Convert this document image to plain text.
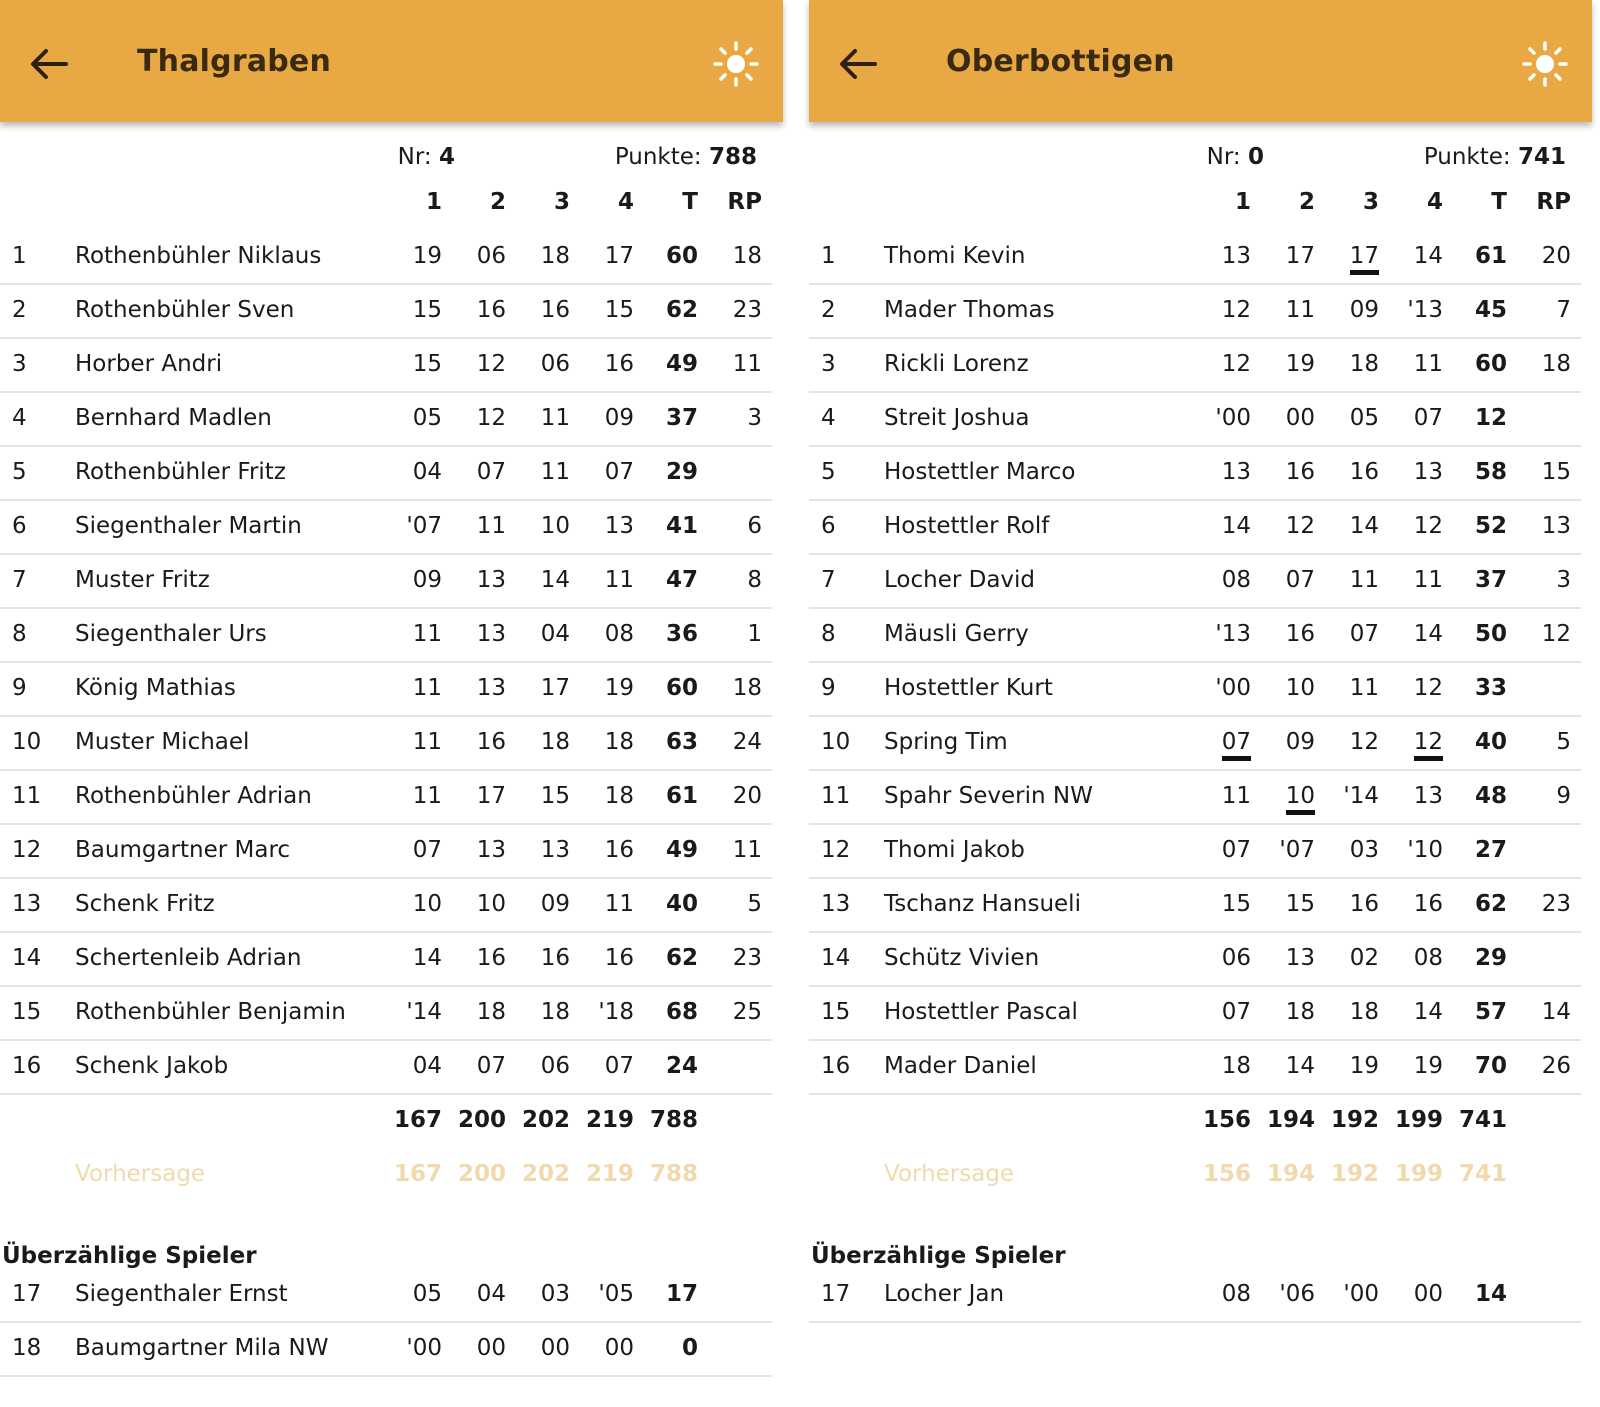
Thalgraben
Nr: 4	Punkte: 788
1 2 3 4 T RP
1 Rothenbühler Niklaus	19 06 18 17 60 18
2 Rothenbühler Sven	15 16 16 15 62 23
3 Horber Andri	15 12 06 16 49 11
4 Bernhard Madlen	05 12 11 09 37 3
5 Rothenbühler Fritz	04 07 11 07 29
6 Siegenthaler Martin	'07 11 10 13 41 6
7 Muster Fritz	09 13 14 11 47 8
8 Siegenthaler Urs	11 13 04 08 36 1
9 König Mathias	11 13 17 19 60 18
10 Muster Michael	11 16 18 18 63 24
11 Rothenbühler Adrian	11 17 15 18 61 20
12 Baumgartner Marc	07 13 13 16 49 11
13 Schenk Fritz	10 10 09 11 40 5
14 Schertenleib Adrian	14 16 16 16 62 23
15 Rothenbühler Benjamin	'14 18 18 '18 68 25
16 Schenk Jakob	04 07 06 07 24
167 200 202 219 788
Vorhersage	167 200 202 219 788
Überzählige Spieler
17 Siegenthaler Ernst	05 04 03 '05 17
18 Baumgartner Mila NW	'00 00 00 00 0
Oberbottigen
Nr: 0	Punkte: 741
1 2 3 4 T RP
1 Thomi Kevin	13 17 17 14 61 20
2 Mader Thomas	12 11 09 '13 45 7
3 Rickli Lorenz	12 19 18 11 60 18
4 Streit Joshua	'00 00 05 07 12
5 Hostettler Marco	13 16 16 13 58 15
6 Hostettler Rolf	14 12 14 12 52 13
7 Locher David	08 07 11 11 37 3
8 Mäusli Gerry	'13 16 07 14 50 12
9 Hostettler Kurt	'00 10 11 12 33
10 Spring Tim	07 09 12 12 40 5
11 Spahr Severin NW	11 10 '14 13 48 9
12 Thomi Jakob	07 '07 03 '10 27
13 Tschanz Hansueli	15 15 16 16 62 23
14 Schütz Vivien	06 13 02 08 29
15 Hostettler Pascal	07 18 18 14 57 14
16 Mader Daniel	18 14 19 19 70 26
156 194 192 199 741
Vorhersage	156 194 192 199 741
Überzählige Spieler
17 Locher Jan	08 '06 '00 00 14
